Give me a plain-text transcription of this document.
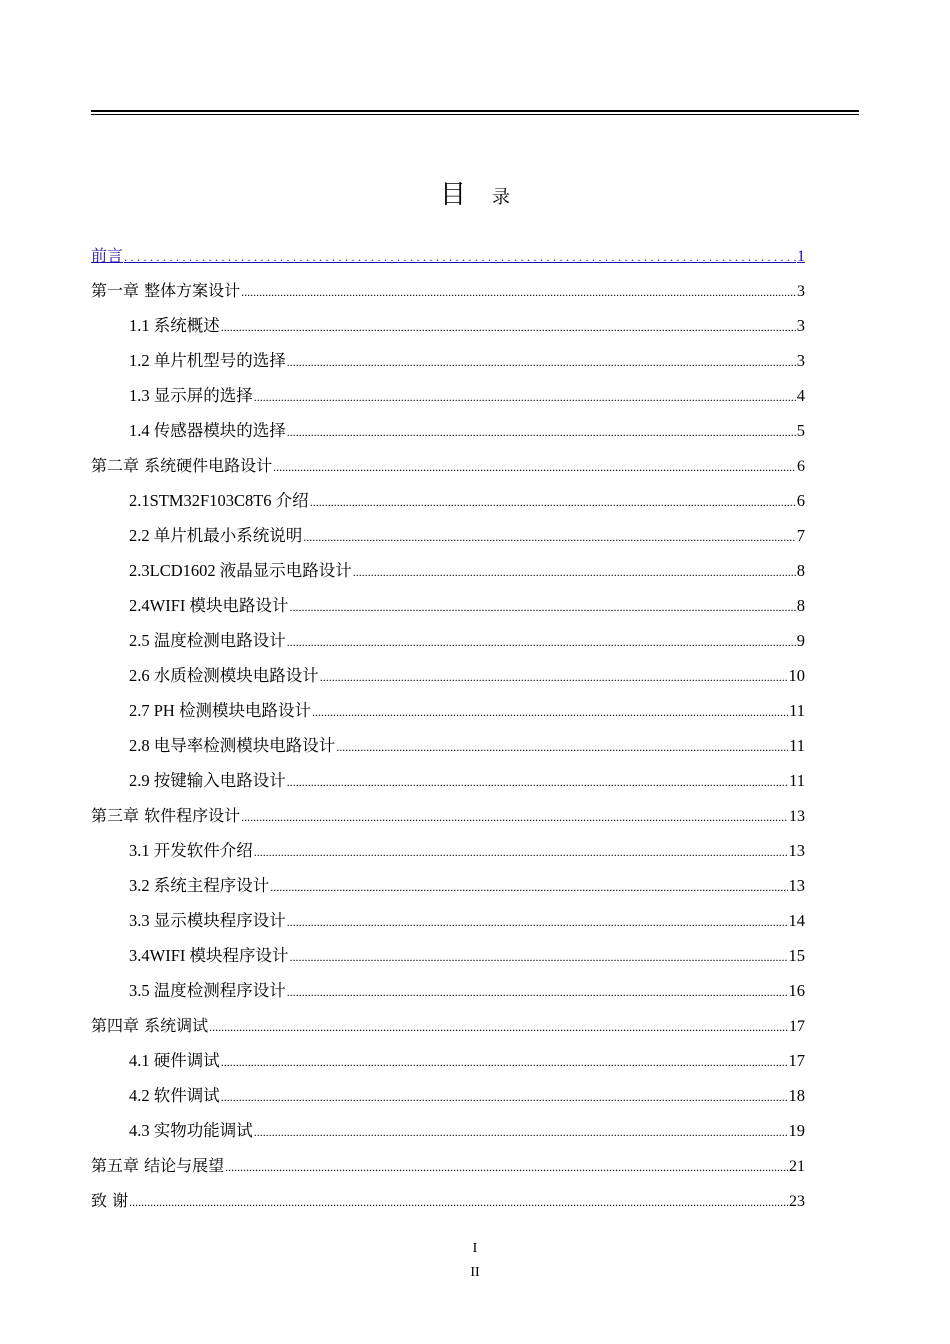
目 录
前言 .....	1
第一章 整体方案设计 .....	3
1.1 系统概述 .....	3
1.2 单片机型号的选择 .....	3
1.3 显示屏的选择 .....	4
1.4 传感器模块的选择 .....	5
第二章 系统硬件电路设计 .....	6
2.1STM32F103C8T6 介绍 .....	6
2.2 单片机最小系统说明 .....	7
2.3LCD1602 液晶显示电路设计 .....	8
2.4WIFI 模块电路设计 .....	8
2.5 温度检测电路设计 .....	9
2.6 水质检测模块电路设计 .....	10
2.7 PH 检测模块电路设计 .....	11
2.8 电导率检测模块电路设计 .....	11
2.9 按键输入电路设计 .....	11
第三章 软件程序设计 .....	13
3.1 开发软件介绍 .....	13
3.2 系统主程序设计 .....	13
3.3 显示模块程序设计 .....	14
3.4WIFI 模块程序设计 .....	15
3.5 温度检测程序设计 .....	16
第四章 系统调试 .....	17
4.1 硬件调试 .....	17
4.2 软件调试 .....	18
4.3 实物功能调试 .....	19
第五章 结论与展望 .....	21
致 谢 .....	23
I
II
